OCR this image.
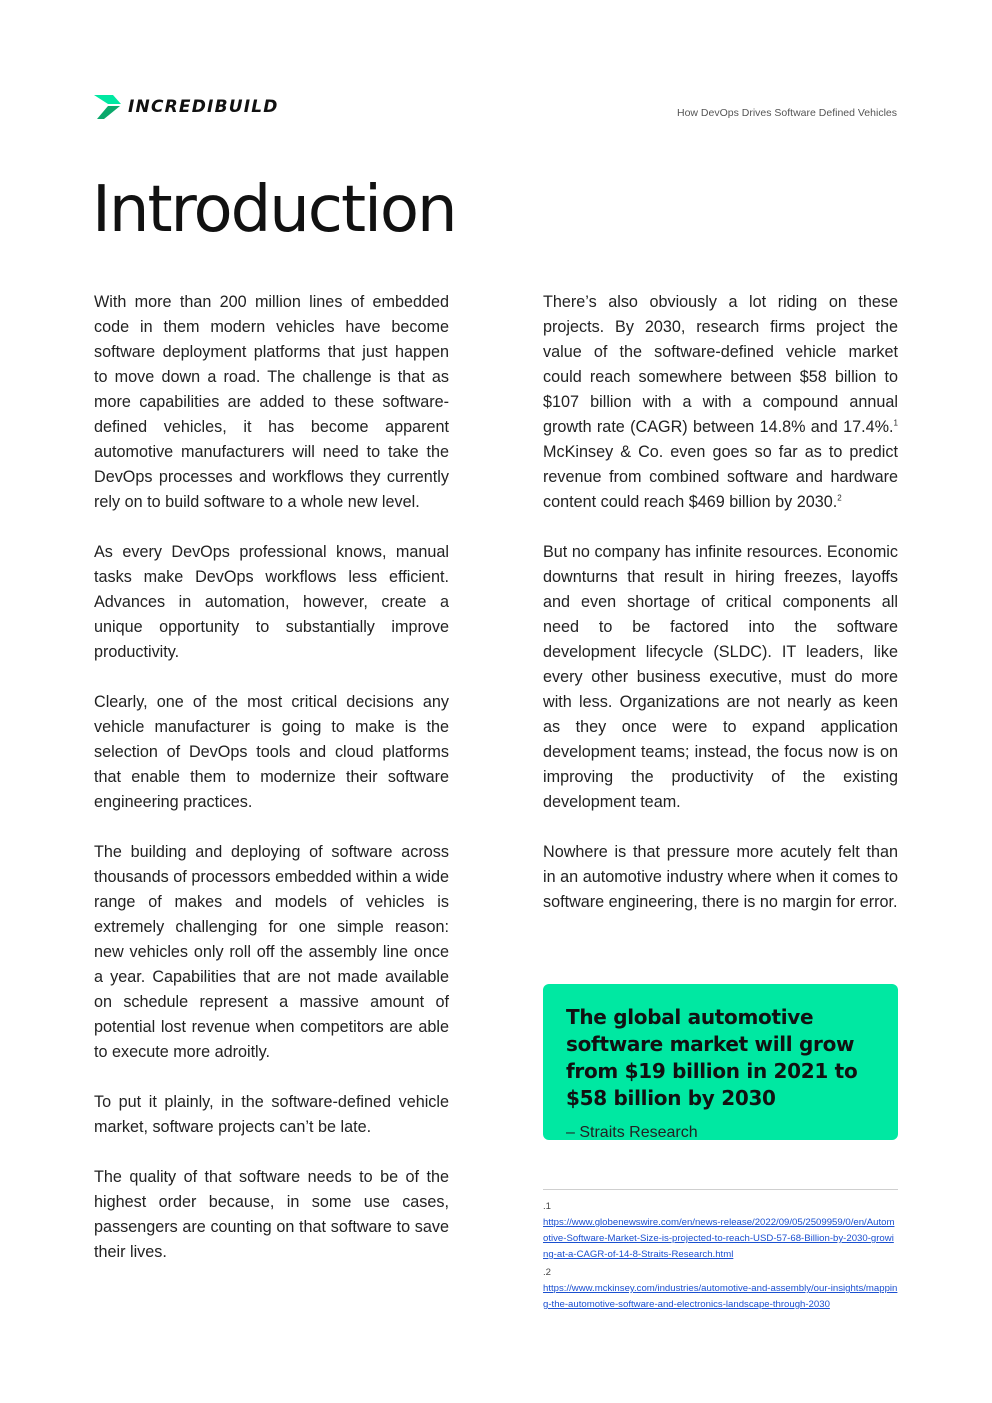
INCREDIBUILD	How DevOps Drives Software Defined Vehicles
Introduction

With more than 200 million lines of embedded code in them modern vehicles have become software deployment platforms that just happen to move down a road. The challenge is that as more capabilities are added to these software-defined vehicles, it has become apparent automotive manufacturers will need to take the DevOps processes and workflows they currently rely on to build software to a whole new level.

As every DevOps professional knows, manual tasks make DevOps workflows less efficient. Advances in automation, however, create a unique opportunity to substantially improve productivity.

Clearly, one of the most critical decisions any vehicle manufacturer is going to make is the selection of DevOps tools and cloud platforms that enable them to modernize their software engineering practices.

The building and deploying of software across thousands of processors embedded within a wide range of makes and models of vehicles is extremely challenging for one simple reason: new vehicles only roll off the assembly line once a year. Capabilities that are not made available on schedule represent a massive amount of potential lost revenue when competitors are able to execute more adroitly.

To put it plainly, in the software-defined vehicle market, software projects can’t be late.

The quality of that software needs to be of the highest order because, in some use cases, passengers are counting on that software to save their lives.

There’s also obviously a lot riding on these projects. By 2030, research firms project the value of the software-defined vehicle market could reach somewhere between $58 billion to $107 billion with a with a compound annual growth rate (CAGR) between 14.8% and 17.4%.$^1$ McKinsey & Co. even goes so far as to predict revenue from combined software and hardware content could reach $469 billion by 2030.$^2$

But no company has infinite resources. Economic downturns that result in hiring freezes, layoffs and even shortage of critical components all need to be factored into the software development lifecycle (SLDC). IT leaders, like every other business executive, must do more with less. Organizations are not nearly as keen as they once were to expand application development teams; instead, the focus now is on improving the productivity of the existing development team.

Nowhere is that pressure more acutely felt than in an automotive industry where when it comes to software engineering, there is no margin for error.

The global automotive software market will grow from $19 billion in 2021 to $58 billion by 2030

– Straits Research

.1
https://www.globenewswire.com/en/news-release/2022/09/05/2509959/0/en/Automotive-Software-Market-Size-is-projected-to-reach-USD-57-68-Billion-by-2030-growing-at-a-CAGR-of-14-8-Straits-Research.html
.2
https://www.mckinsey.com/industries/automotive-and-assembly/our-insights/mapping-the-automotive-software-and-electronics-landscape-through-2030
